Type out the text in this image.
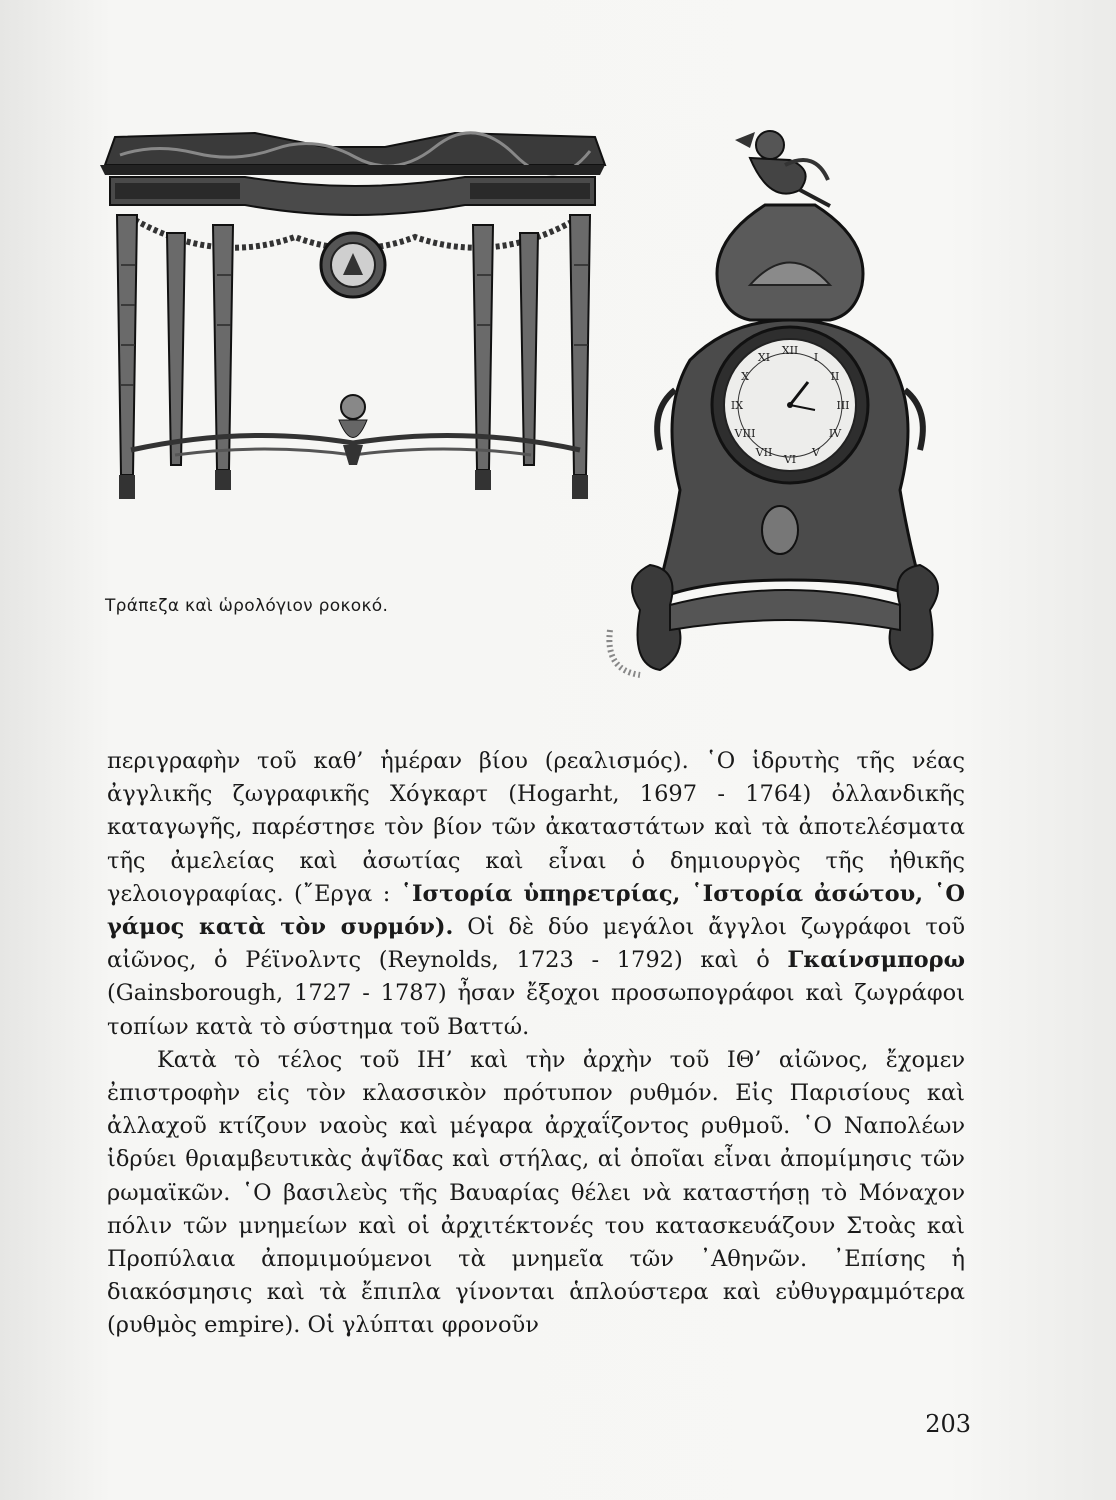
XII
I
II
III
IV
V
VI
VII
VIII
IX
X
XI
Τράπεζα καὶ ὡρολόγιον ροκοκό.

περιγραφὴν τοῦ καθ’ ἡμέραν βίου (ρεαλισμός). ῾Ο ἱδρυτὴς τῆς νέας ἀγγλικῆς ζωγραφικῆς Χόγκαρτ (Hogarht, 1697 - 1764) ὀλλανδικῆς καταγωγῆς, παρέστησε τὸν βίον τῶν ἀκαταστάτων καὶ τὰ ἀποτελέσματα τῆς ἀμελείας καὶ ἀσωτίας καὶ εἶναι ὁ δημιουργὸς τῆς ἠθικῆς γελοιογραφίας. (῎Εργα : ῾Ιστορία ὑπηρετρίας, ῾Ιστορία ἀσώτου, ῾Ο γάμος κατὰ τὸν συρμόν). Οἱ δὲ δύο μεγάλοι ἄγγλοι ζωγράφοι τοῦ αἰῶνος, ὁ Ρέϊνολντς (Reynolds, 1723 - 1792) καὶ ὁ Γκαίνσμπορω (Gainsborough, 1727 - 1787) ἦσαν ἔξοχοι προσωπογράφοι καὶ ζωγράφοι τοπίων κατὰ τὸ σύστημα τοῦ Βαττώ.

Κατὰ τὸ τέλος τοῦ ΙΗ’ καὶ τὴν ἀρχὴν τοῦ ΙΘ’ αἰῶνος, ἔχομεν ἐπιστροφὴν εἰς τὸν κλασσικὸν πρότυπον ρυθμόν. Εἰς Παρισίους καὶ ἀλλαχοῦ κτίζουν ναοὺς καὶ μέγαρα ἀρχαΐζοντος ρυθμοῦ. ῾Ο Ναπολέων ἱδρύει θριαμβευτικὰς ἀψῖδας καὶ στήλας, αἱ ὁποῖαι εἶναι ἀπομίμησις τῶν ρωμαϊκῶν. ῾Ο βασιλεὺς τῆς Βαυαρίας θέλει νὰ καταστήσῃ τὸ Μόναχον πόλιν τῶν μνημείων καὶ οἱ ἀρχιτέκτονές του κατασκευάζουν Στοὰς καὶ Προπύλαια ἀπομιμούμενοι τὰ μνημεῖα τῶν ᾿Αθηνῶν. ᾿Επίσης ἡ διακόσμησις καὶ τὰ ἔπιπλα γίνονται ἁπλούστερα καὶ εὐθυγραμμότερα (ρυθμὸς empire). Οἱ γλύπται φρονοῦν

203
